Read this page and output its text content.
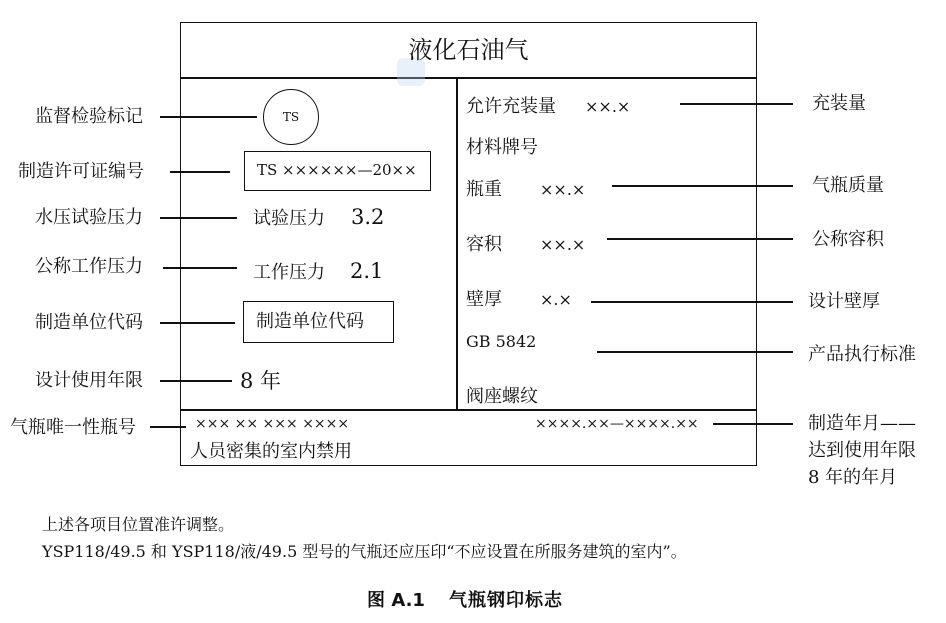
液化石油气
TS
TS ××××××—20××
试验压力 3.2
工作压力 2.1
制造单位代码
8 年
允许充装量 ××.×
材料牌号
瓶重 ××.×
容积 ××.×
壁厚 ×.×
GB 5842
阀座螺纹
××× ×× ××× ××××
人员密集的室内禁用
××××.××—××××.××
监督检验标记
制造许可证编号
水压试验压力
公称工作压力
制造单位代码
设计使用年限
气瓶唯一性瓶号
充装量
气瓶质量
公称容积
设计壁厚
产品执行标准
制造年月——
达到使用年限
8 年的年月
上述各项目位置准许调整。
YSP118/49.5 和 YSP118/液/49.5 型号的气瓶还应压印“不应设置在所服务建筑的室内”。
图 A.1 气瓶钢印标志
